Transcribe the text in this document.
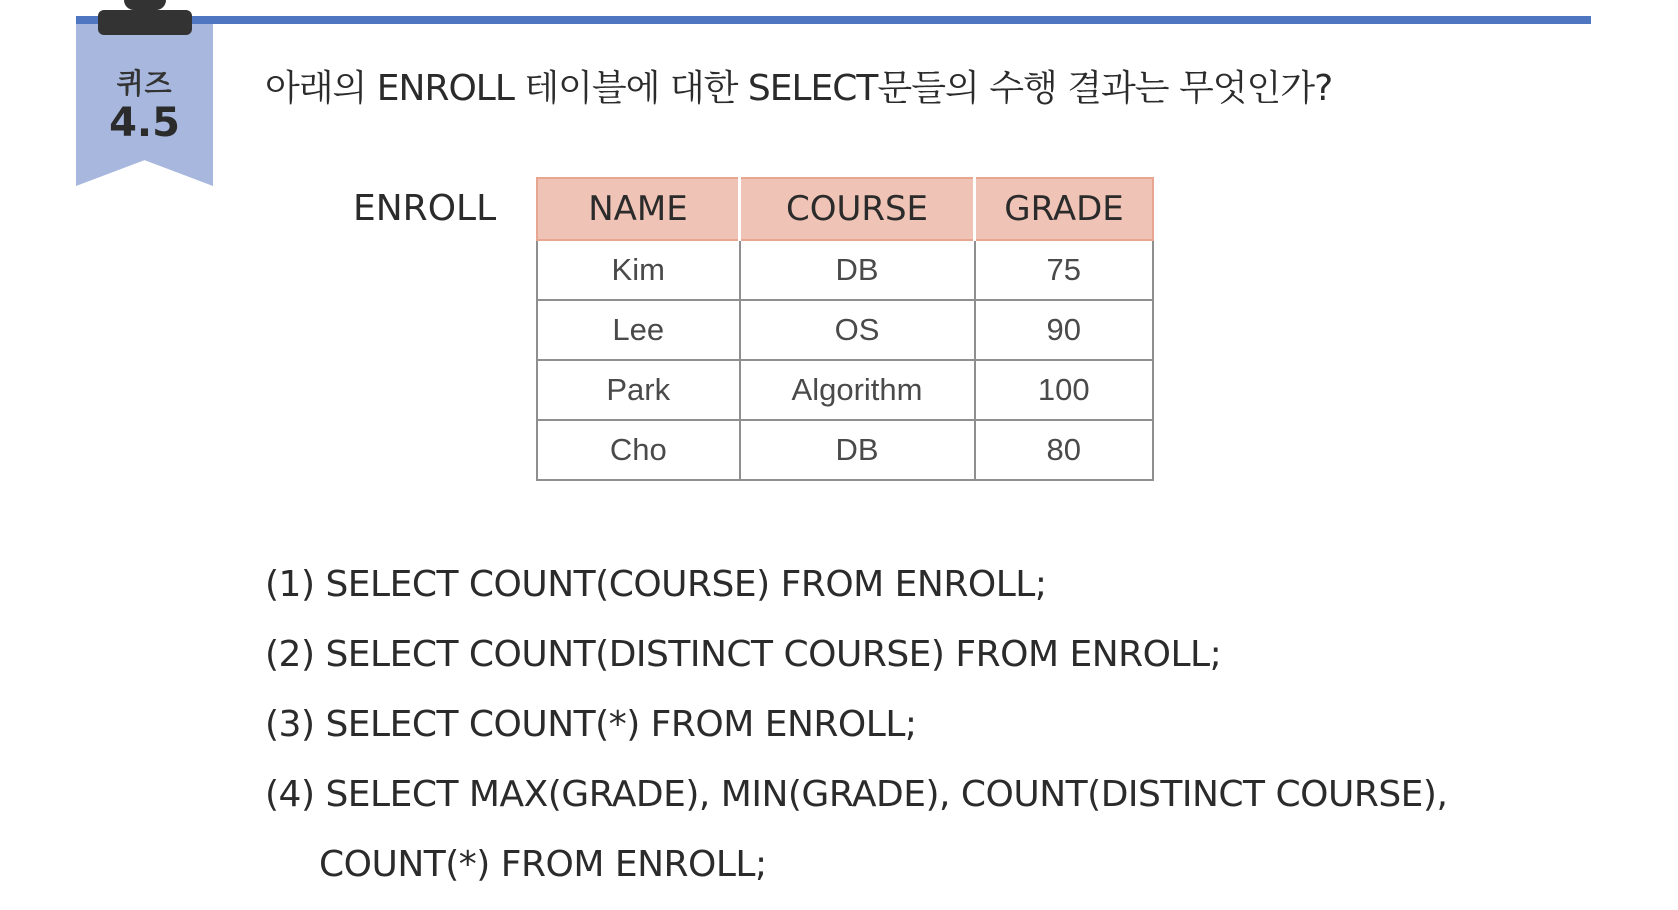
퀴즈
4.5
아래의 ENROLL 테이블에 대한 SELECT문들의 수행 결과는 무엇인가?
ENROLL	NAME	COURSE	GRADE
Kim	DB	75
Lee	OS	90
Park	Algorithm	100
Cho	DB	80
(1) SELECT COUNT(COURSE) FROM ENROLL;
(2) SELECT COUNT(DISTINCT COURSE) FROM ENROLL;
(3) SELECT COUNT(*) FROM ENROLL;
(4) SELECT MAX(GRADE), MIN(GRADE), COUNT(DISTINCT COURSE),
COUNT(*) FROM ENROLL;
